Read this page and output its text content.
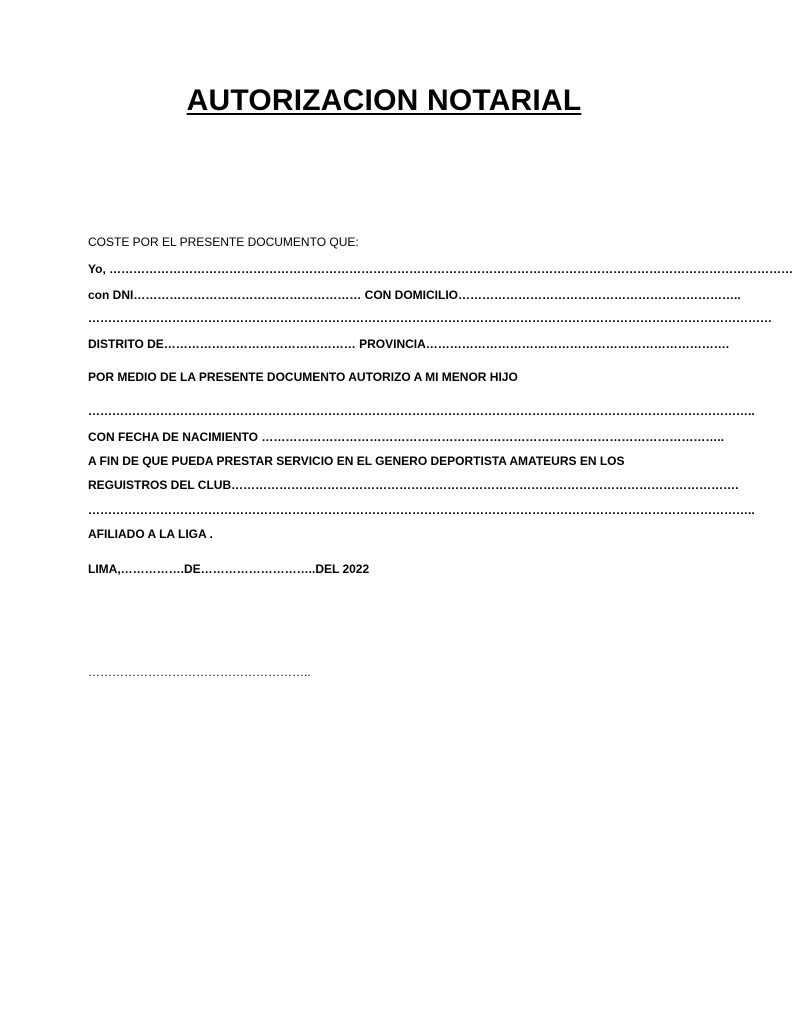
AUTORIZACION NOTARIAL
COSTE POR EL PRESENTE DOCUMENTO QUE:
Yo, ………………………………………………………………………………………………………………………………………………………
con DNI………………………………………………… CON DOMICILIO……………………………………………………………..
………………………………………………………………………………………………………………………………………………………
DISTRITO DE………………………………………… PROVINCIA………………………………………………………………….
POR MEDIO DE LA PRESENTE DOCUMENTO AUTORIZO A MI MENOR HIJO
…………………………………………………………………………………………………………………………………………………..
CON FECHA DE NACIMIENTO ……………………………………………………………………………………………………..
A FIN DE QUE PUEDA PRESTAR SERVICIO EN EL GENERO DEPORTISTA AMATEURS EN LOS
REGUISTROS DEL CLUB……………………………………………………………………………………………………………….
…………………………………………………………………………………………………………………………………………………..
AFILIADO A LA LIGA .
LIMA,…………….DE………………………..DEL 2022
………………………………………………..
